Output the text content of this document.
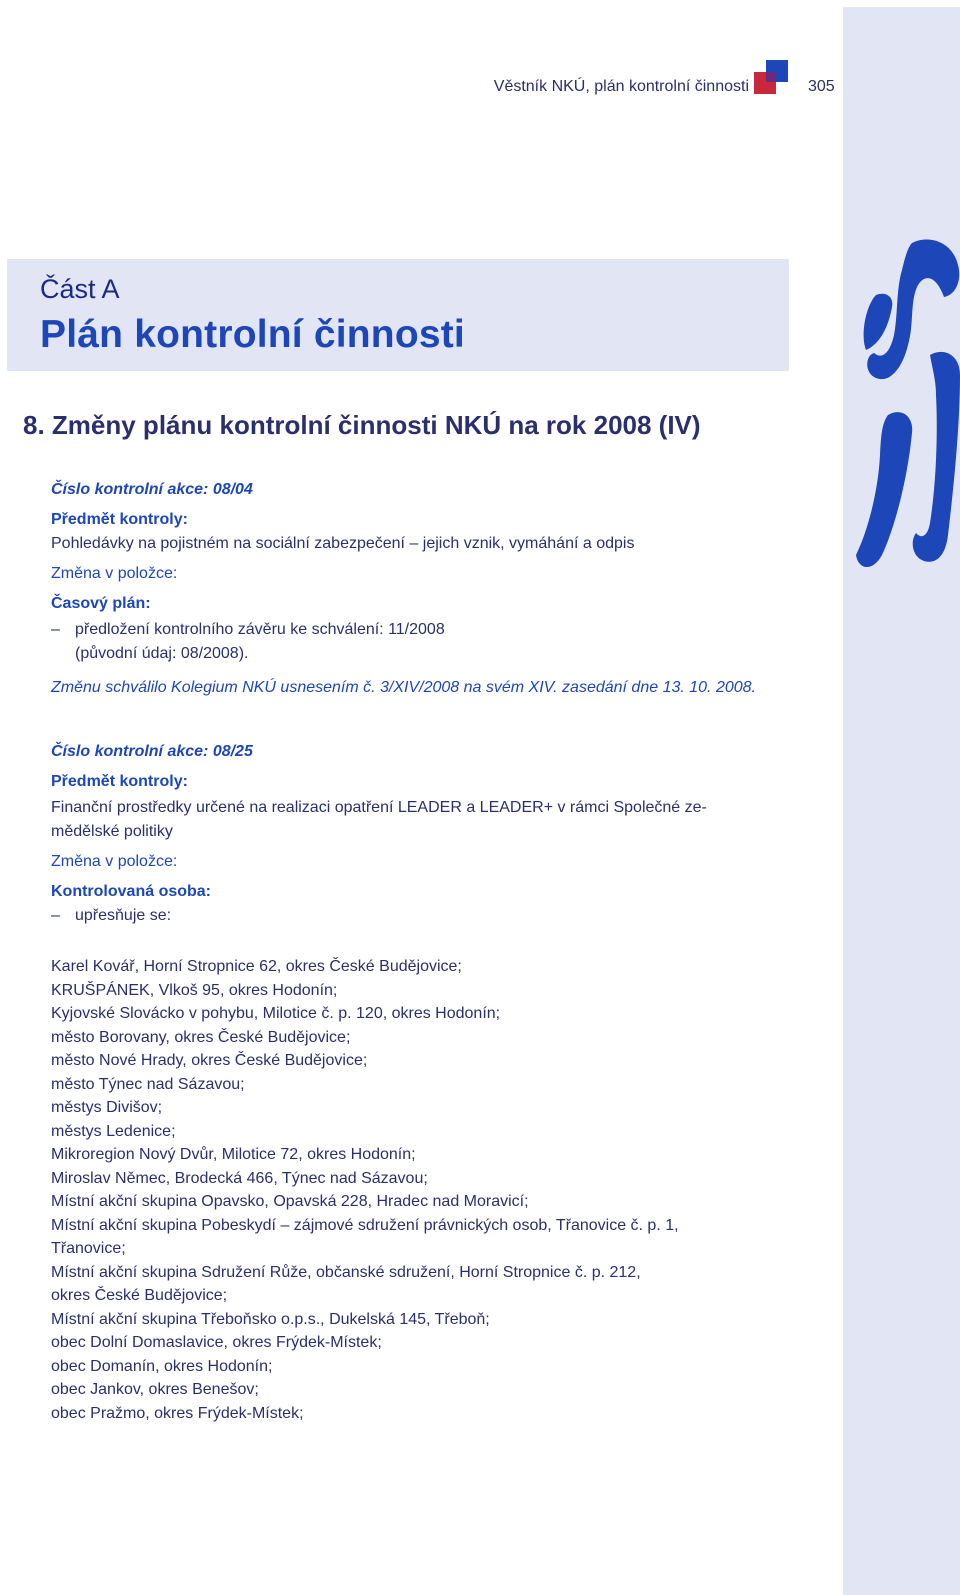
Věstník NKÚ, plán kontrolní činnosti	305
Část A
Plán kontrolní činnosti
8. Změny plánu kontrolní činnosti NKÚ na rok 2008 (IV)
Číslo kontrolní akce: 08/04
Předmět kontroly:
Pohledávky na pojistném na sociální zabezpečení – jejich vznik, vymáhání a odpis
Změna v položce:
Časový plán:
– předložení kontrolního závěru ke schválení: 11/2008
(původní údaj: 08/2008).
Změnu schválilo Kolegium NKÚ usnesením č. 3/XIV/2008 na svém XIV. zasedání dne 13. 10. 2008.
Číslo kontrolní akce: 08/25
Předmět kontroly:
Finanční prostředky určené na realizaci opatření LEADER a LEADER+ v rámci Společné ze-
mědělské politiky
Změna v položce:
Kontrolovaná osoba:
– upřesňuje se:
Karel Kovář, Horní Stropnice 62, okres České Budějovice;
KRUŠPÁNEK, Vlkoš 95, okres Hodonín;
Kyjovské Slovácko v pohybu, Milotice č. p. 120, okres Hodonín;
město Borovany, okres České Budějovice;
město Nové Hrady, okres České Budějovice;
město Týnec nad Sázavou;
městys Divišov;
městys Ledenice;
Mikroregion Nový Dvůr, Milotice 72, okres Hodonín;
Miroslav Němec, Brodecká 466, Týnec nad Sázavou;
Místní akční skupina Opavsko, Opavská 228, Hradec nad Moravicí;
Místní akční skupina Pobeskydí – zájmové sdružení právnických osob, Třanovice č. p. 1,
Třanovice;
Místní akční skupina Sdružení Růže, občanské sdružení, Horní Stropnice č. p. 212,
okres České Budějovice;
Místní akční skupina Třeboňsko o.p.s., Dukelská 145, Třeboň;
obec Dolní Domaslavice, okres Frýdek-Místek;
obec Domanín, okres Hodonín;
obec Jankov, okres Benešov;
obec Pražmo, okres Frýdek-Místek;
